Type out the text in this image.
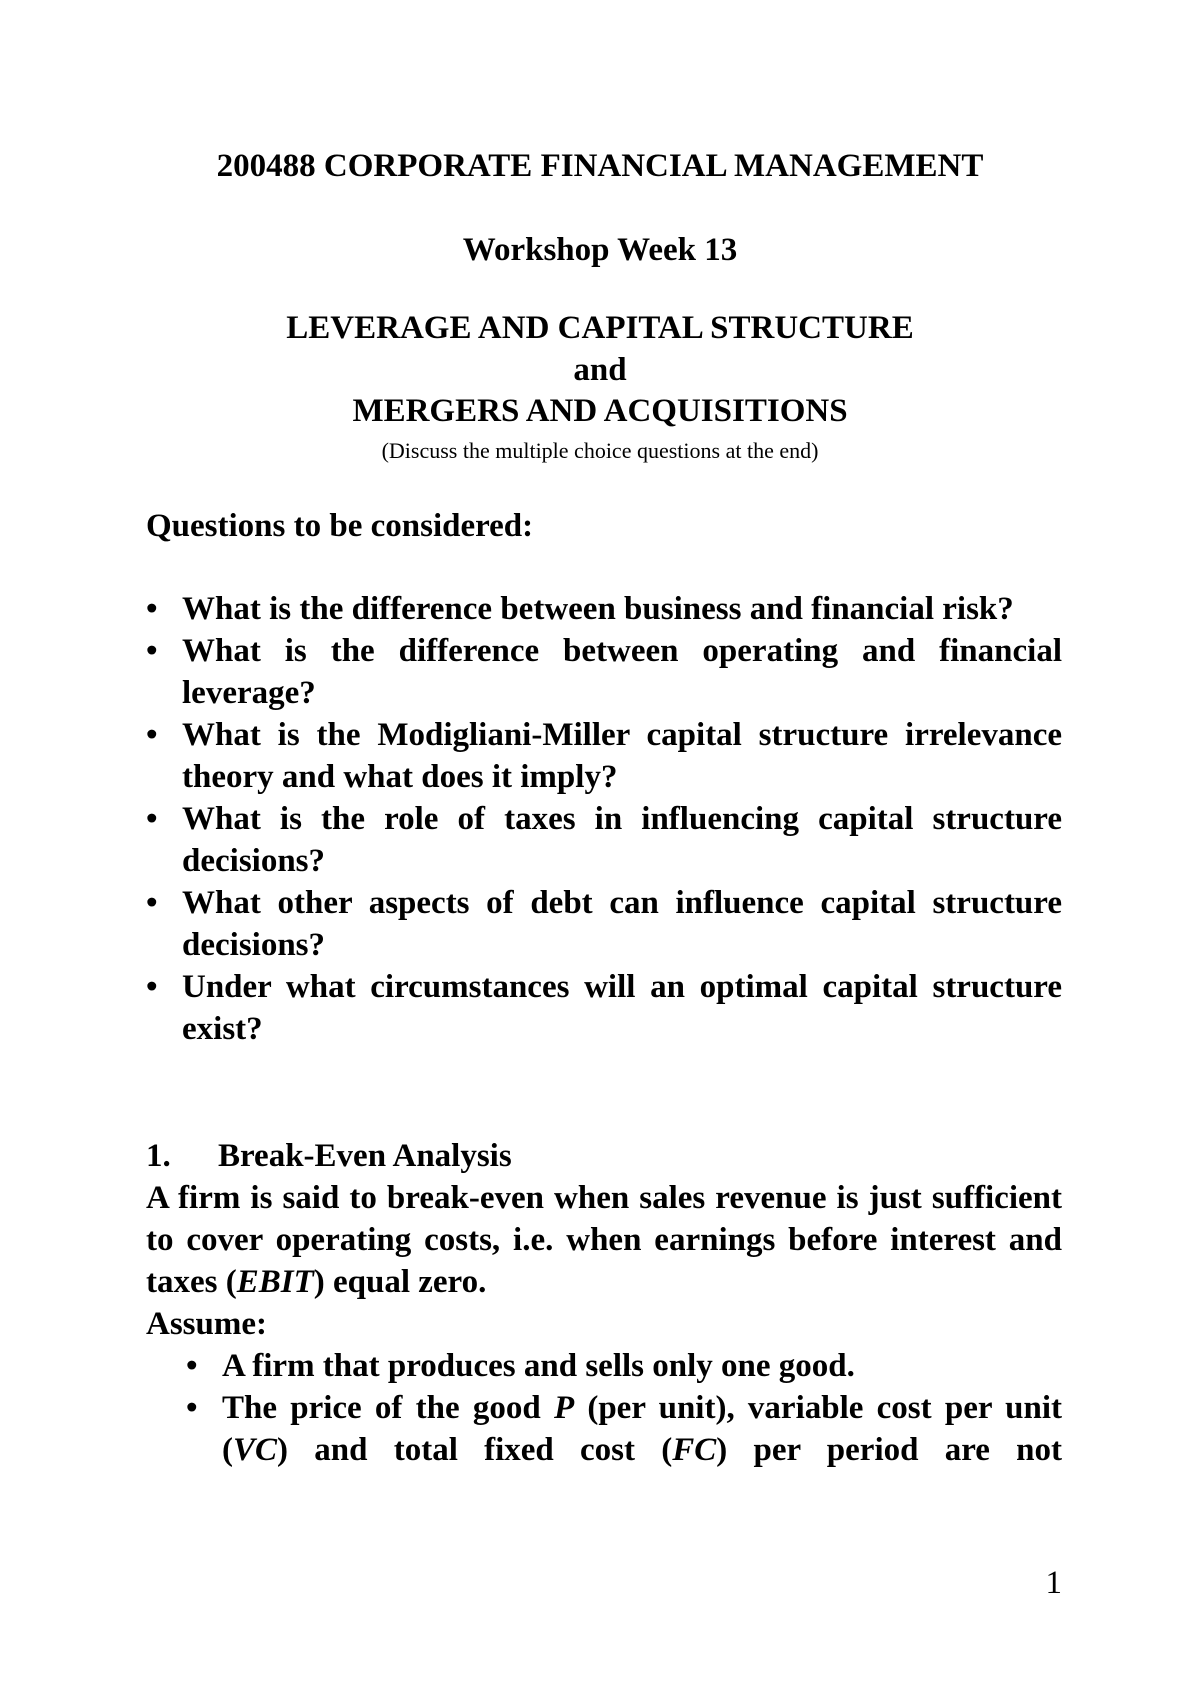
200488 CORPORATE FINANCIAL MANAGEMENT
Workshop Week 13
LEVERAGE AND CAPITAL STRUCTURE
and
MERGERS AND ACQUISITIONS
(Discuss the multiple choice questions at the end)
Questions to be considered:
• What is the difference between business and financial risk?
• What is the difference between operating and financial leverage?
• What is the Modigliani-Miller capital structure irrelevance theory and what does it imply?
• What is the role of taxes in influencing capital structure decisions?
• What other aspects of debt can influence capital structure decisions?
• Under what circumstances will an optimal capital structure exist?
1. Break-Even Analysis
A firm is said to break-even when sales revenue is just sufficient to cover operating costs, i.e. when earnings before interest and taxes (EBIT) equal zero.
Assume:
• A firm that produces and sells only one good.
• The price of the good P (per unit), variable cost per unit (VC) and total fixed cost (FC) per period are not
1
